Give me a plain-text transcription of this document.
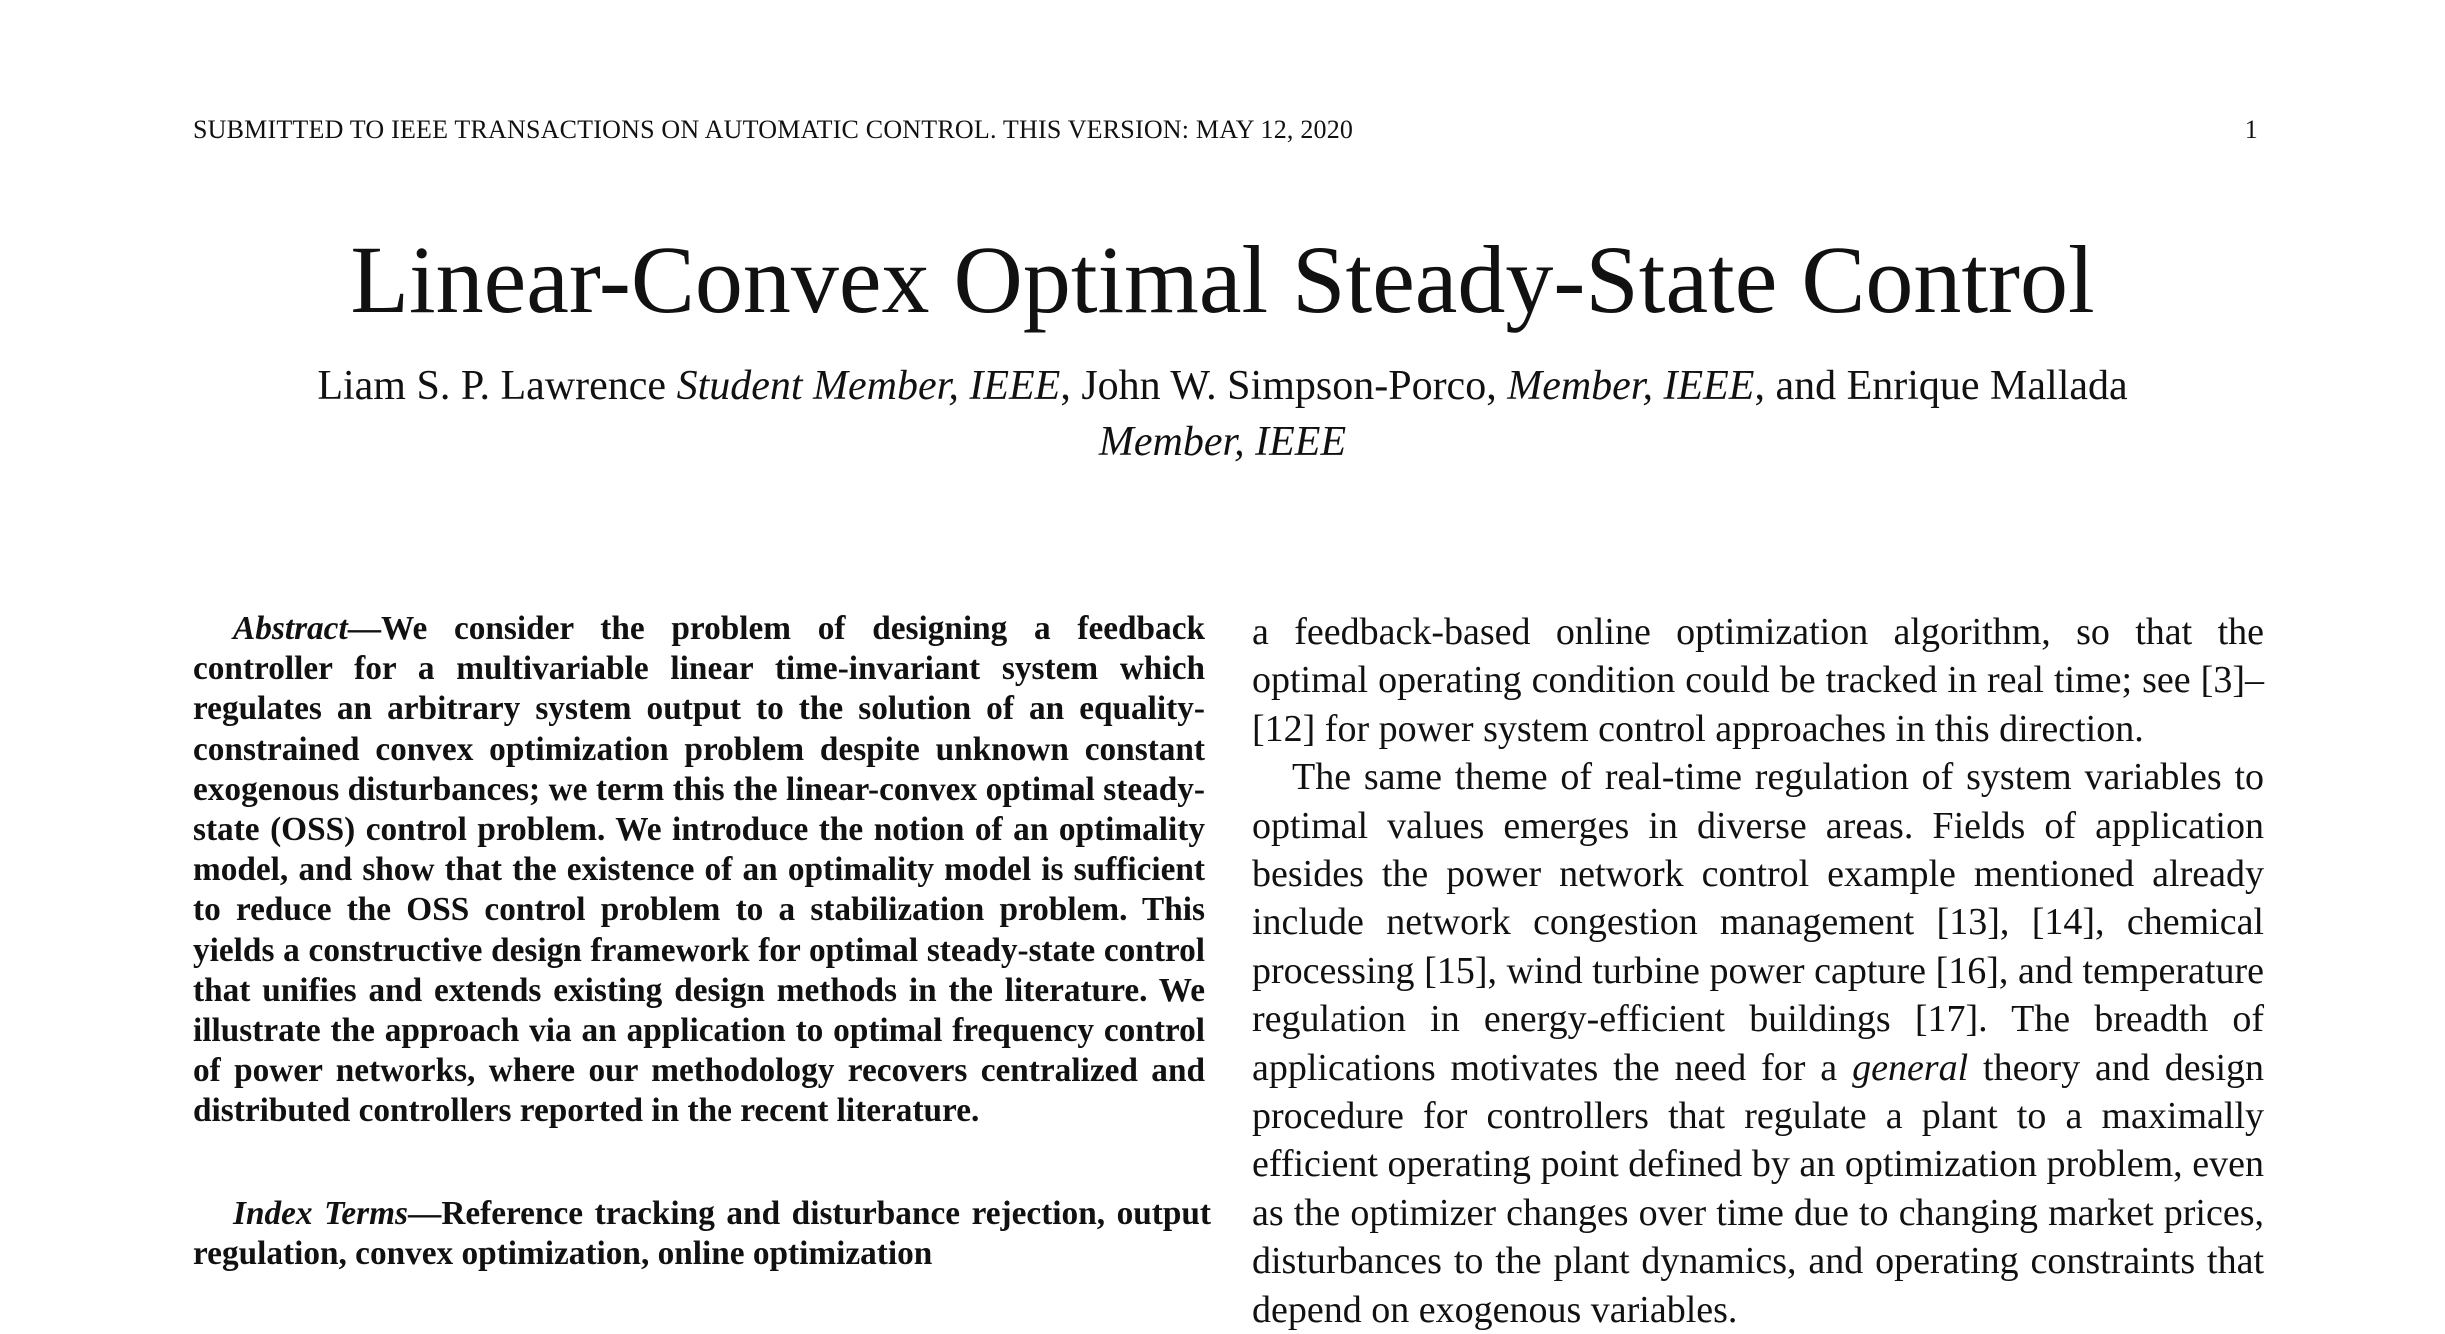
SUBMITTED TO IEEE TRANSACTIONS ON AUTOMATIC CONTROL. THIS VERSION: MAY 12, 2020	1
Linear-Convex Optimal Steady-State Control
Liam S. P. Lawrence Student Member, IEEE, John W. Simpson-Porco, Member, IEEE, and Enrique Mallada Member, IEEE

Abstract—We consider the problem of designing a feedback controller for a multivariable linear time-invariant system which regulates an arbitrary system output to the solution of an equality-constrained convex optimization problem despite unknown constant exogenous disturbances; we term this the linear-convex optimal steady-state (OSS) control problem. We introduce the notion of an optimality model, and show that the existence of an optimality model is sufficient to reduce the OSS control problem to a stabilization problem. This yields a constructive design framework for optimal steady-state control that unifies and extends existing design methods in the literature. We illustrate the approach via an application to optimal frequency control of power networks, where our methodology recovers centralized and distributed controllers reported in the recent literature.

Index Terms—Reference tracking and disturbance rejection, output regulation, convex optimization, online optimization

a feedback-based online optimization algorithm, so that the optimal operating condition could be tracked in real time; see [3]–[12] for power system control approaches in this direction.

The same theme of real-time regulation of system variables to optimal values emerges in diverse areas. Fields of application besides the power network control example mentioned already include network congestion management [13], [14], chemical processing [15], wind turbine power capture [16], and temperature regulation in energy-efficient buildings [17]. The breadth of applications motivates the need for a general theory and design procedure for controllers that regulate a plant to a maximally efficient operating point defined by an optimization problem, even as the optimizer changes over time due to changing market prices, disturbances to the plant dynamics, and operating constraints that depend on exogenous variables.
